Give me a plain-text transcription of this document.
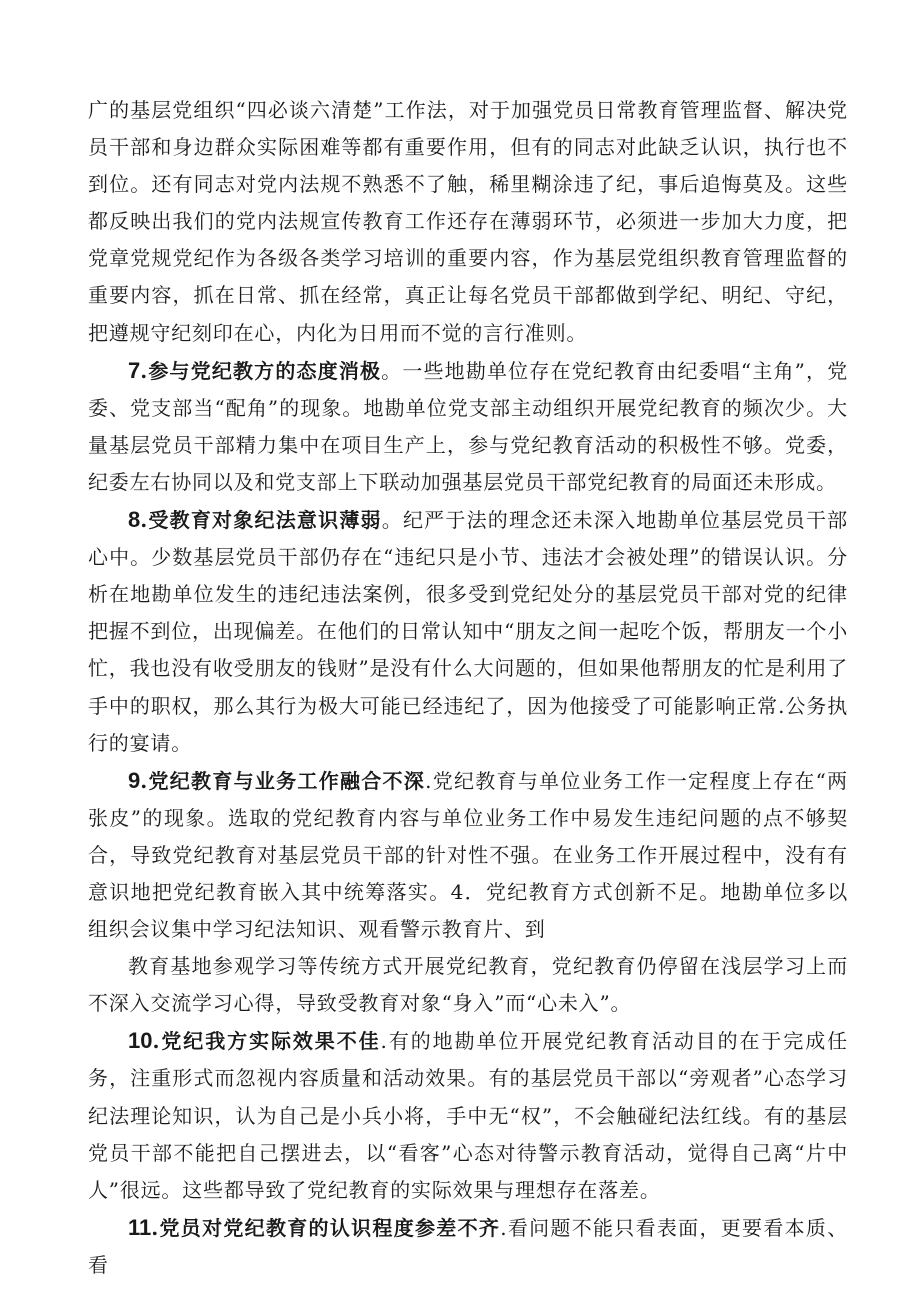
广的基层党组织“四必谈六清楚”工作法，对于加强党员日常教育管理监督、解决党员干部和身边群众实际困难等都有重要作用，但有的同志对此缺乏认识，执行也不到位。还有同志对党内法规不熟悉不了触，稀里糊涂违了纪，事后追悔莫及。这些都反映出我们的党内法规宣传教育工作还存在薄弱环节，必须进一步加大力度，把党章党规党纪作为各级各类学习培训的重要内容，作为基层党组织教育管理监督的重要内容，抓在日常、抓在经常，真正让每名党员干部都做到学纪、明纪、守纪，把遵规守纪刻印在心，内化为日用而不觉的言行准则。

7.参与党纪教方的态度消极。一些地勘单位存在党纪教育由纪委唱“主角”，党委、党支部当“配角”的现象。地勘单位党支部主动组织开展党纪教育的频次少。大量基层党员干部精力集中在项目生产上，参与党纪教育活动的积极性不够。党委，纪委左右协同以及和党支部上下联动加强基层党员干部党纪教育的局面还未形成。

8.受教育对象纪法意识薄弱。纪严于法的理念还未深入地勘单位基层党员干部心中。少数基层党员干部仍存在“违纪只是小节、违法才会被处理”的错误认识。分析在地勘单位发生的违纪违法案例，很多受到党纪处分的基层党员干部对党的纪律把握不到位，出现偏差。在他们的日常认知中“朋友之间一起吃个饭，帮朋友一个小忙，我也没有收受朋友的钱财”是没有什么大问题的，但如果他帮朋友的忙是利用了手中的职权，那么其行为极大可能已经违纪了，因为他接受了可能影响正常.公务执行的宴请。

9.党纪教育与业务工作融合不深.党纪教育与单位业务工作一定程度上存在“两张皮”的现象。选取的党纪教育内容与单位业务工作中易发生违纪问题的点不够契合，导致党纪教育对基层党员干部的针对性不强。在业务工作开展过程中，没有有意识地把党纪教育嵌入其中统筹落实。4．党纪教育方式创新不足。地勘单位多以组织会议集中学习纪法知识、观看警示教育片、到

教育基地参观学习等传统方式开展党纪教育，党纪教育仍停留在浅层学习上而不深入交流学习心得，导致受教育对象“身入”而“心未入”。

10.党纪我方实际效果不佳.有的地勘单位开展党纪教育活动目的在于完成任务，注重形式而忽视内容质量和活动效果。有的基层党员干部以“旁观者”心态学习纪法理论知识，认为自己是小兵小将，手中无“权”，不会触碰纪法红线。有的基层党员干部不能把自己摆进去，以“看客”心态对待警示教育活动，觉得自己离“片中人”很远。这些都导致了党纪教育的实际效果与理想存在落差。

11.党员对党纪教育的认识程度参差不齐.看问题不能只看表面，更要看本质、看
